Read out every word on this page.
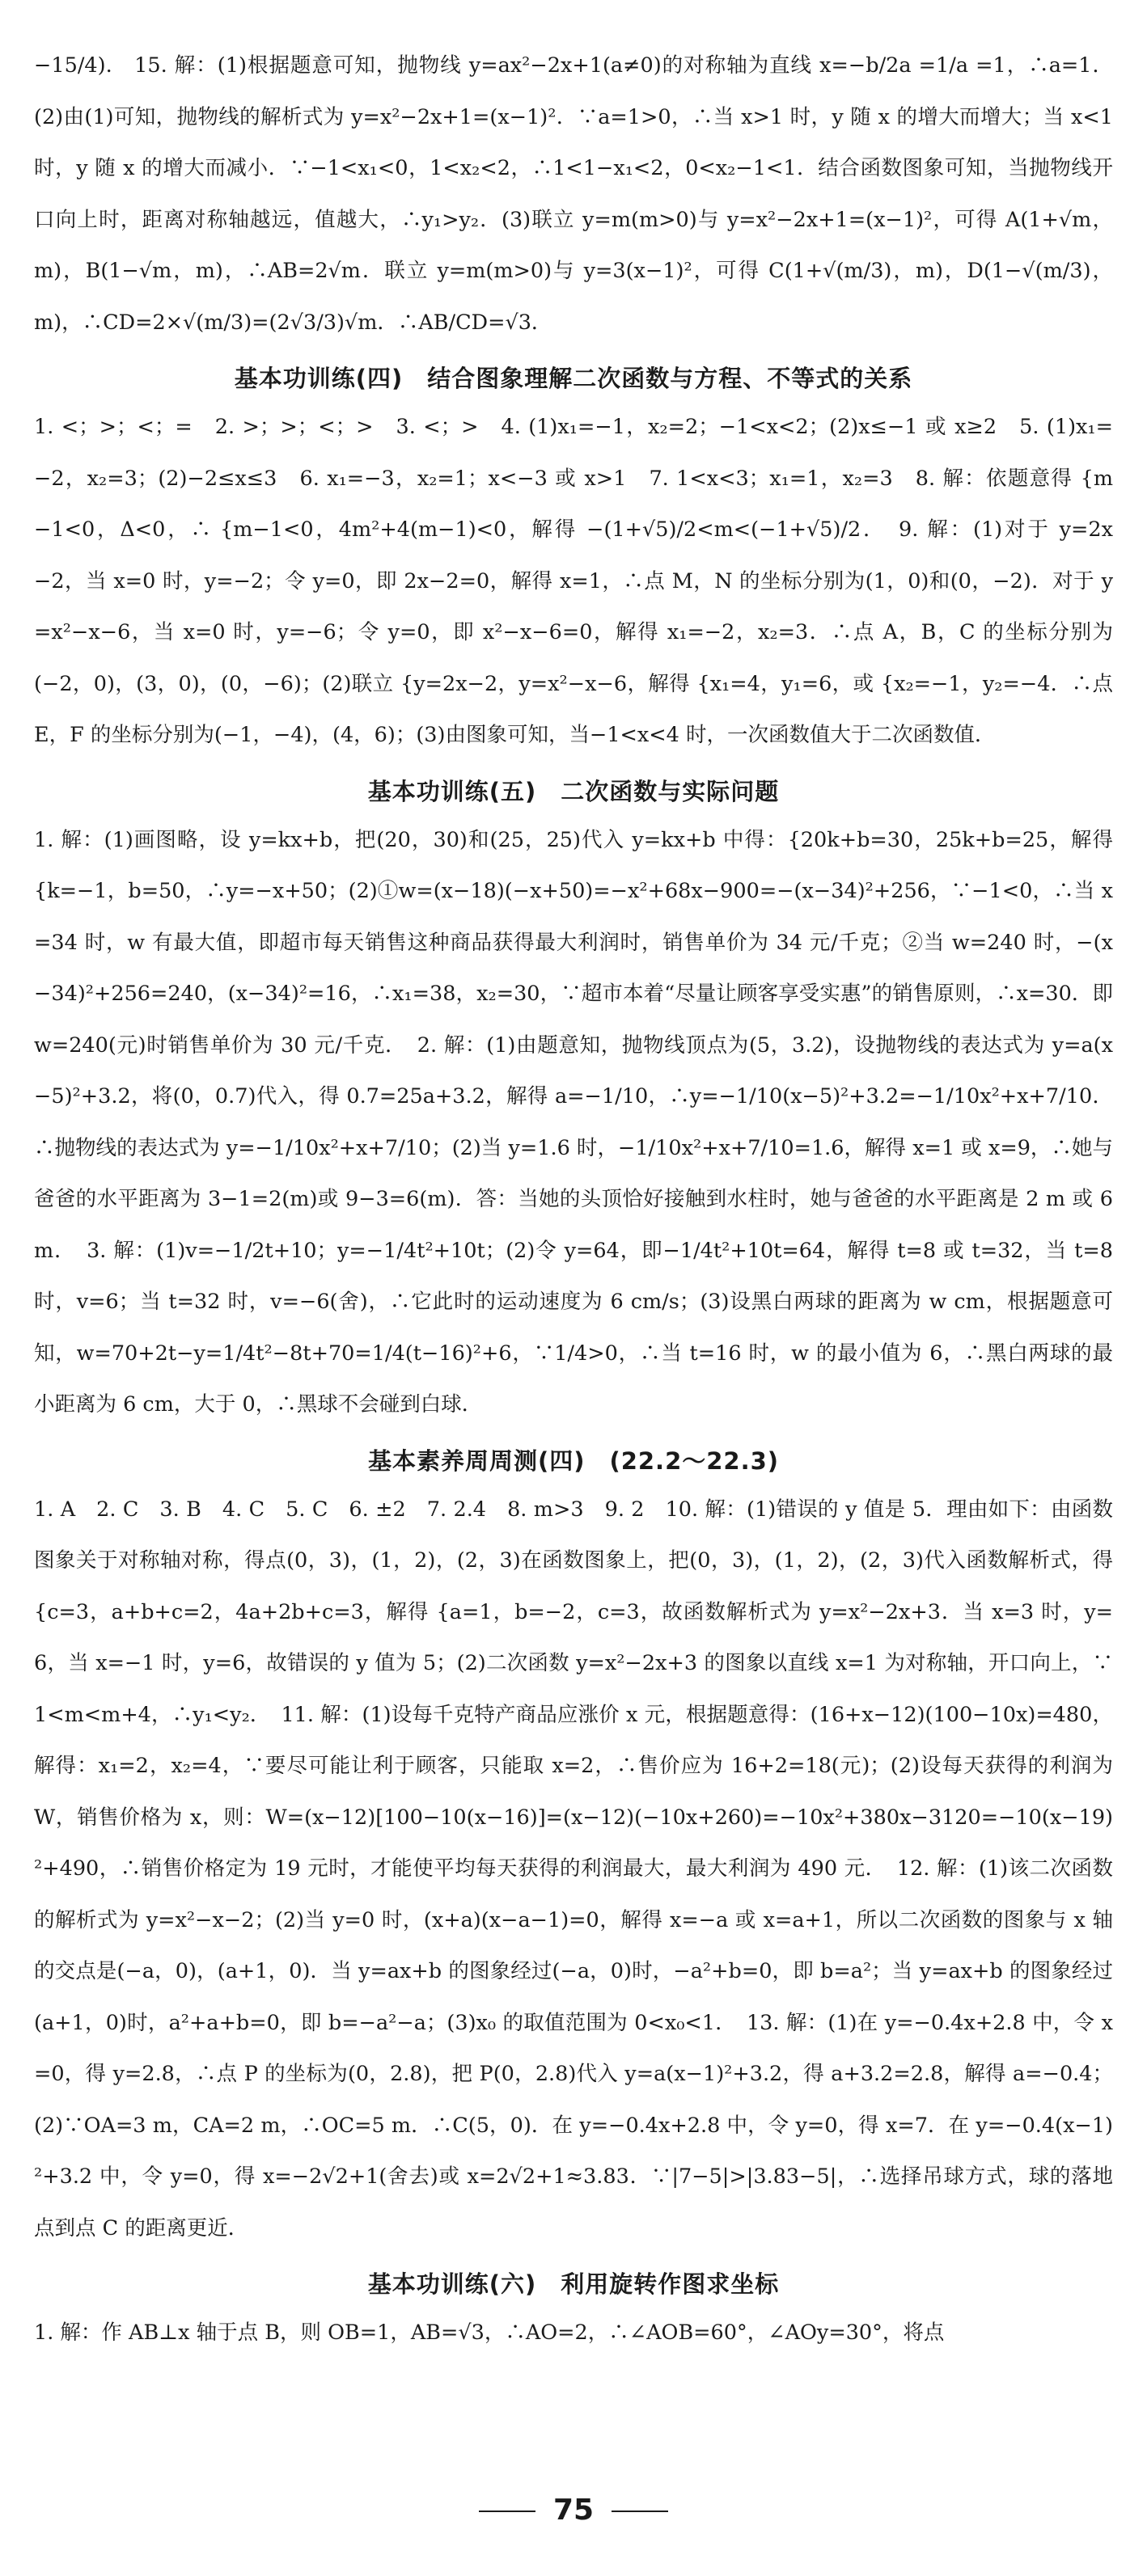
−15/4).　15. 解：(1)根据题意可知，抛物线 y=ax²−2x+1(a≠0)的对称轴为直线 x=−b/2a =1/a =1，∴a=1．(2)由(1)可知，抛物线的解析式为 y=x²−2x+1=(x−1)²．∵a=1>0，∴当 x>1 时，y 随 x 的增大而增大；当 x<1 时，y 随 x 的增大而减小．∵−1<x₁<0，1<x₂<2，∴1<1−x₁<2，0<x₂−1<1．结合函数图象可知，当抛物线开口向上时，距离对称轴越远，值越大，∴y₁>y₂．(3)联立 y=m(m>0)与 y=x²−2x+1=(x−1)²，可得 A(1+√m，m)，B(1−√m，m)，∴AB=2√m．联立 y=m(m>0)与 y=3(x−1)²，可得 C(1+√(m/3)，m)，D(1−√(m/3)，m)，∴CD=2×√(m/3)=(2√3/3)√m．∴AB/CD=√3．

基本功训练(四)　结合图象理解二次函数与方程、不等式的关系

1. <；>；<；=　2. >；>；<；>　3. <；>　4. (1)x₁=−1，x₂=2；−1<x<2；(2)x≤−1 或 x≥2　5. (1)x₁=−2，x₂=3；(2)−2≤x≤3　6. x₁=−3，x₂=1；x<−3 或 x>1　7. 1<x<3；x₁=1，x₂=3　8. 解：依题意得 {m−1<0，Δ<0，∴ {m−1<0，4m²+4(m−1)<0，解得 −(1+√5)/2<m<(−1+√5)/2．　9. 解：(1)对于 y=2x−2，当 x=0 时，y=−2；令 y=0，即 2x−2=0，解得 x=1，∴点 M，N 的坐标分别为(1，0)和(0，−2)．对于 y=x²−x−6，当 x=0 时，y=−6；令 y=0，即 x²−x−6=0，解得 x₁=−2，x₂=3．∴点 A，B，C 的坐标分别为(−2，0)，(3，0)，(0，−6)；(2)联立 {y=2x−2，y=x²−x−6，解得 {x₁=4，y₁=6，或 {x₂=−1，y₂=−4．∴点 E，F 的坐标分别为(−1，−4)，(4，6)；(3)由图象可知，当−1<x<4 时，一次函数值大于二次函数值．

基本功训练(五)　二次函数与实际问题

1. 解：(1)画图略，设 y=kx+b，把(20，30)和(25，25)代入 y=kx+b 中得：{20k+b=30，25k+b=25，解得 {k=−1，b=50，∴y=−x+50；(2)①w=(x−18)(−x+50)=−x²+68x−900=−(x−34)²+256，∵−1<0，∴当 x=34 时，w 有最大值，即超市每天销售这种商品获得最大利润时，销售单价为 34 元/千克；②当 w=240 时，−(x−34)²+256=240，(x−34)²=16，∴x₁=38，x₂=30，∵超市本着“尽量让顾客享受实惠”的销售原则，∴x=30．即 w=240(元)时销售单价为 30 元/千克．　2. 解：(1)由题意知，抛物线顶点为(5，3.2)，设抛物线的表达式为 y=a(x−5)²+3.2，将(0，0.7)代入，得 0.7=25a+3.2，解得 a=−1/10，∴y=−1/10(x−5)²+3.2=−1/10x²+x+7/10．∴抛物线的表达式为 y=−1/10x²+x+7/10；(2)当 y=1.6 时，−1/10x²+x+7/10=1.6，解得 x=1 或 x=9，∴她与爸爸的水平距离为 3−1=2(m)或 9−3=6(m)．答：当她的头顶恰好接触到水柱时，她与爸爸的水平距离是 2 m 或 6 m．　3. 解：(1)v=−1/2t+10；y=−1/4t²+10t；(2)令 y=64，即−1/4t²+10t=64，解得 t=8 或 t=32，当 t=8 时，v=6；当 t=32 时，v=−6(舍)，∴它此时的运动速度为 6 cm/s；(3)设黑白两球的距离为 w cm，根据题意可知，w=70+2t−y=1/4t²−8t+70=1/4(t−16)²+6，∵1/4>0，∴当 t=16 时，w 的最小值为 6，∴黑白两球的最小距离为 6 cm，大于 0，∴黑球不会碰到白球．

基本素养周周测(四)　(22.2～22.3)

1. A　2. C　3. B　4. C　5. C　6. ±2　7. 2.4　8. m>3　9. 2　10. 解：(1)错误的 y 值是 5．理由如下：由函数图象关于对称轴对称，得点(0，3)，(1，2)，(2，3)在函数图象上，把(0，3)，(1，2)，(2，3)代入函数解析式，得 {c=3，a+b+c=2，4a+2b+c=3，解得 {a=1，b=−2，c=3，故函数解析式为 y=x²−2x+3．当 x=3 时，y=6，当 x=−1 时，y=6，故错误的 y 值为 5；(2)二次函数 y=x²−2x+3 的图象以直线 x=1 为对称轴，开口向上，∵1<m<m+4，∴y₁<y₂．　11. 解：(1)设每千克特产商品应涨价 x 元，根据题意得：(16+x−12)(100−10x)=480，解得：x₁=2，x₂=4，∵要尽可能让利于顾客，只能取 x=2，∴售价应为 16+2=18(元)；(2)设每天获得的利润为 W，销售价格为 x，则：W=(x−12)[100−10(x−16)]=(x−12)(−10x+260)=−10x²+380x−3120=−10(x−19)²+490，∴销售价格定为 19 元时，才能使平均每天获得的利润最大，最大利润为 490 元．　12. 解：(1)该二次函数的解析式为 y=x²−x−2；(2)当 y=0 时，(x+a)(x−a−1)=0，解得 x=−a 或 x=a+1，所以二次函数的图象与 x 轴的交点是(−a，0)，(a+1，0)．当 y=ax+b 的图象经过(−a，0)时，−a²+b=0，即 b=a²；当 y=ax+b 的图象经过(a+1，0)时，a²+a+b=0，即 b=−a²−a；(3)x₀ 的取值范围为 0<x₀<1．　13. 解：(1)在 y=−0.4x+2.8 中，令 x=0，得 y=2.8，∴点 P 的坐标为(0，2.8)，把 P(0，2.8)代入 y=a(x−1)²+3.2，得 a+3.2=2.8，解得 a=−0.4；(2)∵OA=3 m，CA=2 m，∴OC=5 m．∴C(5，0)．在 y=−0.4x+2.8 中，令 y=0，得 x=7．在 y=−0.4(x−1)²+3.2 中，令 y=0，得 x=−2√2+1(舍去)或 x=2√2+1≈3.83．∵|7−5|>|3.83−5|，∴选择吊球方式，球的落地点到点 C 的距离更近．

基本功训练(六)　利用旋转作图求坐标

1. 解：作 AB⊥x 轴于点 B，则 OB=1，AB=√3，∴AO=2，∴∠AOB=60°，∠AOy=30°，将点

75
